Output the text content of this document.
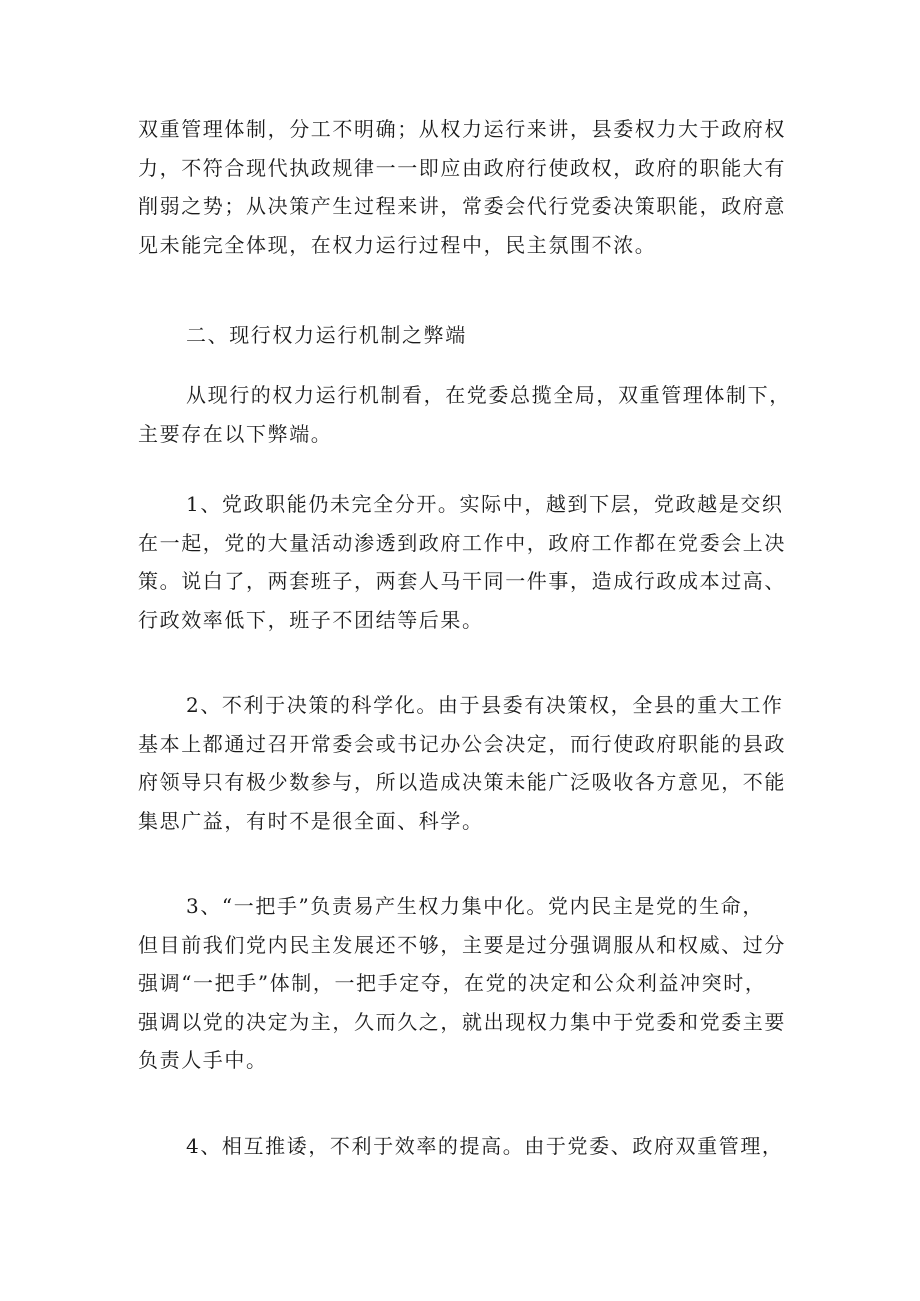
双重管理体制，分工不明确；从权力运行来讲，县委权力大于政府权
力，不符合现代执政规律一一即应由政府行使政权，政府的职能大有
削弱之势；从决策产生过程来讲，常委会代行党委决策职能，政府意
见未能完全体现，在权力运行过程中，民主氛围不浓。
二、现行权力运行机制之弊端
从现行的权力运行机制看，在党委总揽全局，双重管理体制下，
主要存在以下弊端。
1、党政职能仍未完全分开。实际中，越到下层，党政越是交织
在一起，党的大量活动渗透到政府工作中，政府工作都在党委会上决
策。说白了，两套班子，两套人马干同一件事，造成行政成本过高、
行政效率低下，班子不团结等后果。
2、不利于决策的科学化。由于县委有决策权，全县的重大工作
基本上都通过召开常委会或书记办公会决定，而行使政府职能的县政
府领导只有极少数参与，所以造成决策未能广泛吸收各方意见，不能
集思广益，有时不是很全面、科学。
3、“一把手”负责易产生权力集中化。党内民主是党的生命，
但目前我们党内民主发展还不够，主要是过分强调服从和权威、过分
强调“一把手”体制，一把手定夺，在党的决定和公众利益冲突时，
强调以党的决定为主，久而久之，就出现权力集中于党委和党委主要
负责人手中。
4、相互推诿，不利于效率的提高。由于党委、政府双重管理，
